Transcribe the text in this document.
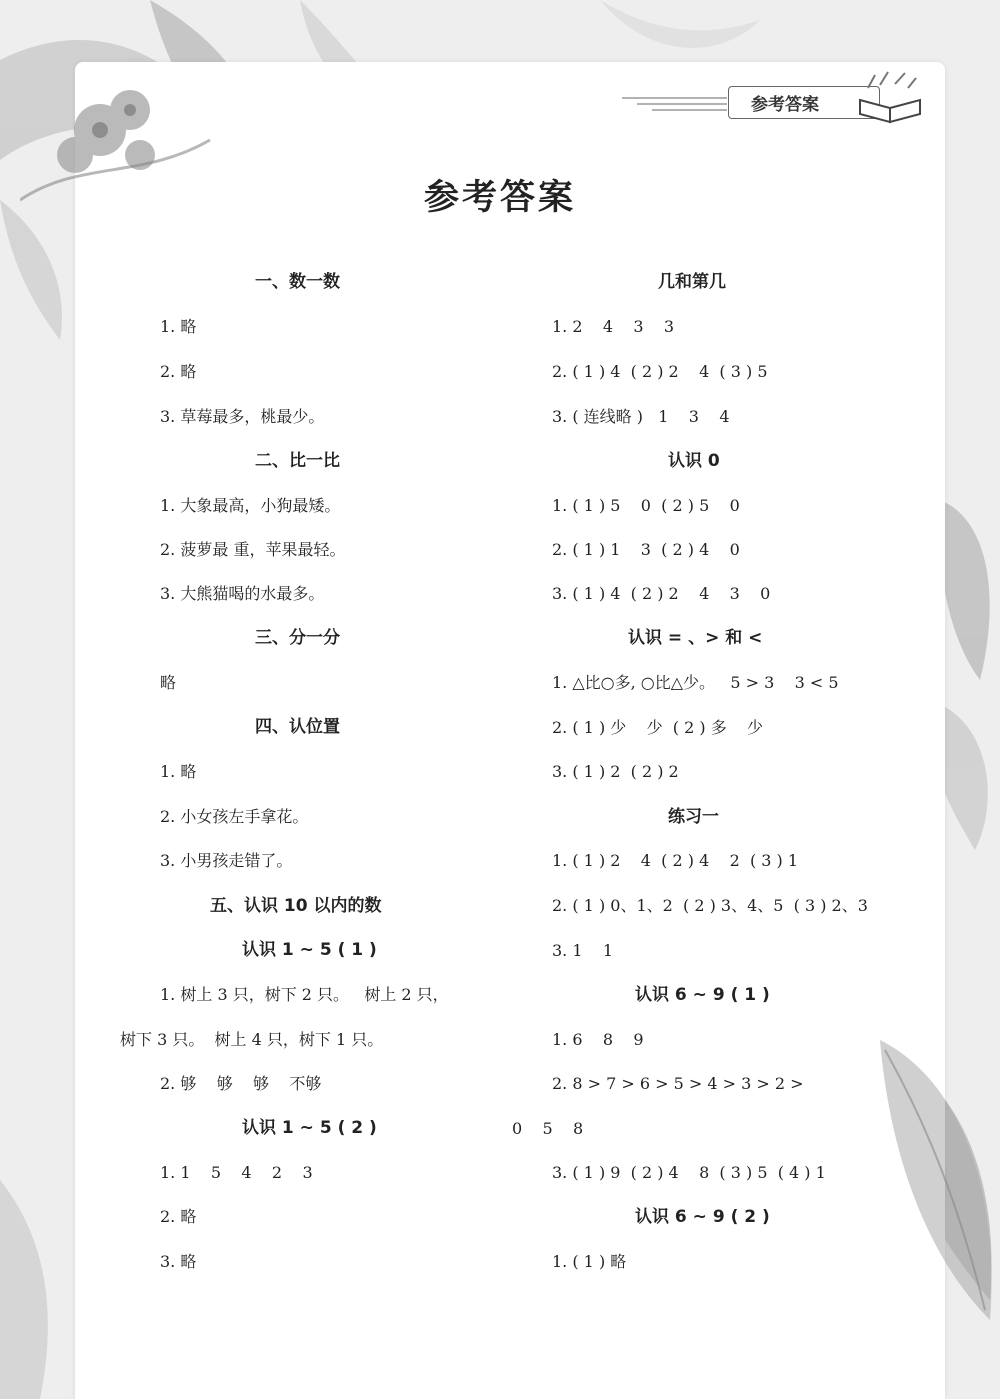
参考答案
参考答案
一、数一数
1. 略
2. 略
3. 草莓最多，桃最少。
二、比一比
1. 大象最高，小狗最矮。
2. 菠萝最 重，苹果最轻。
3. 大熊猫喝的水最多。
三、分一分
略
四、认位置
1. 略
2. 小女孩左手拿花。
3. 小男孩走错了。
五、认识 10 以内的数
认识 1 ~ 5 ( 1 )
1. 树上 3 只，树下 2 只。   树上 2 只，
树下 3 只。  树上 4 只，树下 1 只。
2. 够    够    够    不够
认识 1 ~ 5 ( 2 )
1. 1    5    4    2    3
2. 略
3. 略
几和第几
1. 2    4    3    3
2. ( 1 ) 4  ( 2 ) 2    4  ( 3 ) 5
3. ( 连线略 )   1    3    4
认识 0
1. ( 1 ) 5    0  ( 2 ) 5    0
2. ( 1 ) 1    3  ( 2 ) 4    0
3. ( 1 ) 4  ( 2 ) 2    4    3    0
认识 = 、> 和 <
1. △比○多, ○比△少。   5 > 3    3 < 5
2. ( 1 ) 少    少  ( 2 ) 多    少
3. ( 1 ) 2  ( 2 ) 2
练习一
1. ( 1 ) 2    4  ( 2 ) 4    2  ( 3 ) 1
2. ( 1 ) 0、1、2  ( 2 ) 3、4、5  ( 3 ) 2、3
3. 1    1
认识 6 ~ 9 ( 1 )
1. 6    8    9
2. 8 > 7 > 6 > 5 > 4 > 3 > 2 >
0    5    8
3. ( 1 ) 9  ( 2 ) 4    8  ( 3 ) 5  ( 4 ) 1
认识 6 ~ 9 ( 2 )
1. ( 1 ) 略
